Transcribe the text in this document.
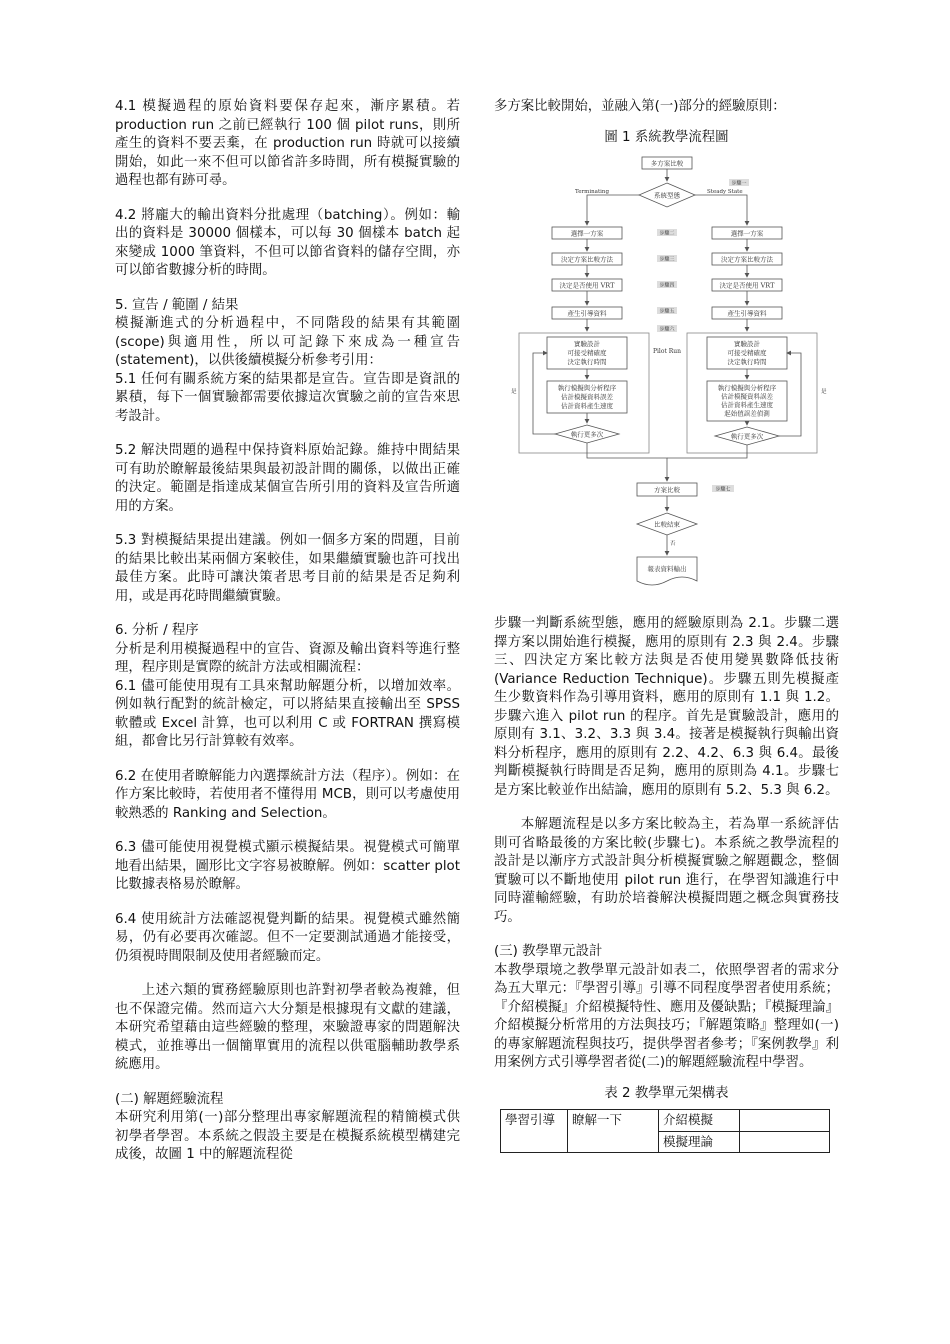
4.1 模擬過程的原始資料要保存起來，漸序累積。若 production run 之前已經執行 100 個 pilot runs，則所產生的資料不要丟棄，在 production run 時就可以接續開始，如此一來不但可以節省許多時間，所有模擬實驗的過程也都有跡可尋。

4.2 將龐大的輸出資料分批處理（batching）。例如：輸出的資料是 30000 個樣本，可以每 30 個樣本 batch 起來變成 1000 筆資料，不但可以節省資料的儲存空間，亦可以節省數據分析的時間。

5. 宣告 / 範圍 / 結果

模擬漸進式的分析過程中，不同階段的結果有其範圍(scope)與適用性，所以可記錄下來成為一種宣告(statement)，以供後續模擬分析參考引用：

5.1 任何有關系統方案的結果都是宣告。宣告即是資訊的累積，每下一個實驗都需要依據這次實驗之前的宣告來思考設計。

5.2 解決問題的過程中保持資料原始記錄。維持中間結果可有助於瞭解最後結果與最初設計間的關係，以做出正確的決定。範圍是指達成某個宣告所引用的資料及宣告所適用的方案。

5.3 對模擬結果提出建議。例如一個多方案的問題，目前的結果比較出某兩個方案較佳，如果繼續實驗也許可找出最佳方案。此時可讓決策者思考目前的結果是否足夠利用，或是再花時間繼續實驗。

6. 分析 / 程序

分析是利用模擬過程中的宣告、資源及輸出資料等進行整理，程序則是實際的統計方法或相關流程：

6.1 儘可能使用現有工具來幫助解題分析，以增加效率。例如執行配對的統計檢定，可以將結果直接輸出至 SPSS 軟體或 Excel 計算，也可以利用 C 或 FORTRAN 撰寫模組，都會比另行計算較有效率。

6.2 在使用者瞭解能力內選擇統計方法（程序）。例如：在作方案比較時，若使用者不懂得用 MCB，則可以考慮使用較熟悉的 Ranking and Selection。

6.3 儘可能使用視覺模式顯示模擬結果。視覺模式可簡單地看出結果，圖形比文字容易被瞭解。例如：scatter plot 比數據表格易於瞭解。

6.4 使用統計方法確認視覺判斷的結果。視覺模式雖然簡易，仍有必要再次確認。但不一定要測試通過才能接受，仍須視時間限制及使用者經驗而定。

上述六類的實務經驗原則也許對初學者較為複雜，但也不保證完備。然而這六大分類是根據現有文獻的建議，本研究希望藉由這些經驗的整理，來驗證專家的問題解決模式，並推導出一個簡單實用的流程以供電腦輔助教學系統應用。

(二) 解題經驗流程

本研究利用第(一)部分整理出專家解題流程的精簡模式供初學者學習。本系統之假設主要是在模擬系統模型構建完成後，故圖 1 中的解題流程從

多方案比較開始，並融入第(一)部分的經驗原則：

圖 1 系統教學流程圖
多方案比較
系統型態
Terminating	Steady State
步驟一
選擇一方案
決定方案比較方法
決定是否使用 VRT
產生引導資料
選擇一方案
決定方案比較方法
決定是否使用 VRT
產生引導資料
步驟二
步驟三
步驟四
步驟五
步驟六
Pilot Run
實驗設計
可接受精確度
決定執行時間
執行模擬與分析程序
估計模擬資料誤差
估計資料產生速度
執行更多次
是
實驗設計
可接受精確度
決定執行時間
執行模擬與分析程序
估計模擬資料誤差
估計資料產生速度
起始值誤差偵測
執行更多次
是
方案比較	步驟七
比較結束
否
報表資料輸出

步驟一判斷系統型態，應用的經驗原則為 2.1。步驟二選擇方案以開始進行模擬，應用的原則有 2.3 與 2.4。步驟三、四決定方案比較方法與是否使用變異數降低技術 (Variance Reduction Technique)。步驟五則先模擬產生少數資料作為引導用資料，應用的原則有 1.1 與 1.2。步驟六進入 pilot run 的程序。首先是實驗設計，應用的原則有 3.1、3.2、3.3 與 3.4。接著是模擬執行與輸出資料分析程序，應用的原則有 2.2、4.2、6.3 與 6.4。最後判斷模擬執行時間是否足夠，應用的原則為 4.1。步驟七是方案比較並作出結論，應用的原則有 5.2、5.3 與 6.2。

本解題流程是以多方案比較為主，若為單一系統評估則可省略最後的方案比較(步驟七)。本系統之教學流程的設計是以漸序方式設計與分析模擬實驗之解題觀念，整個實驗可以不斷地使用 pilot run 進行，在學習知識進行中同時灌輸經驗，有助於培養解決模擬問題之概念與實務技巧。

(三) 教學單元設計

本教學環境之教學單元設計如表二，依照學習者的需求分為五大單元：『學習引導』引導不同程度學習者使用系統；『介紹模擬』介紹模擬特性、應用及優缺點；『模擬理論』介紹模擬分析常用的方法與技巧；『解題策略』整理如(一)的專家解題流程與技巧，提供學習者參考；『案例教學』利用案例方式引導學習者從(二)的解題經驗流程中學習。

表 2 教學單元架構表
學習引導	瞭解一下	介紹模擬	
		模擬理論	
